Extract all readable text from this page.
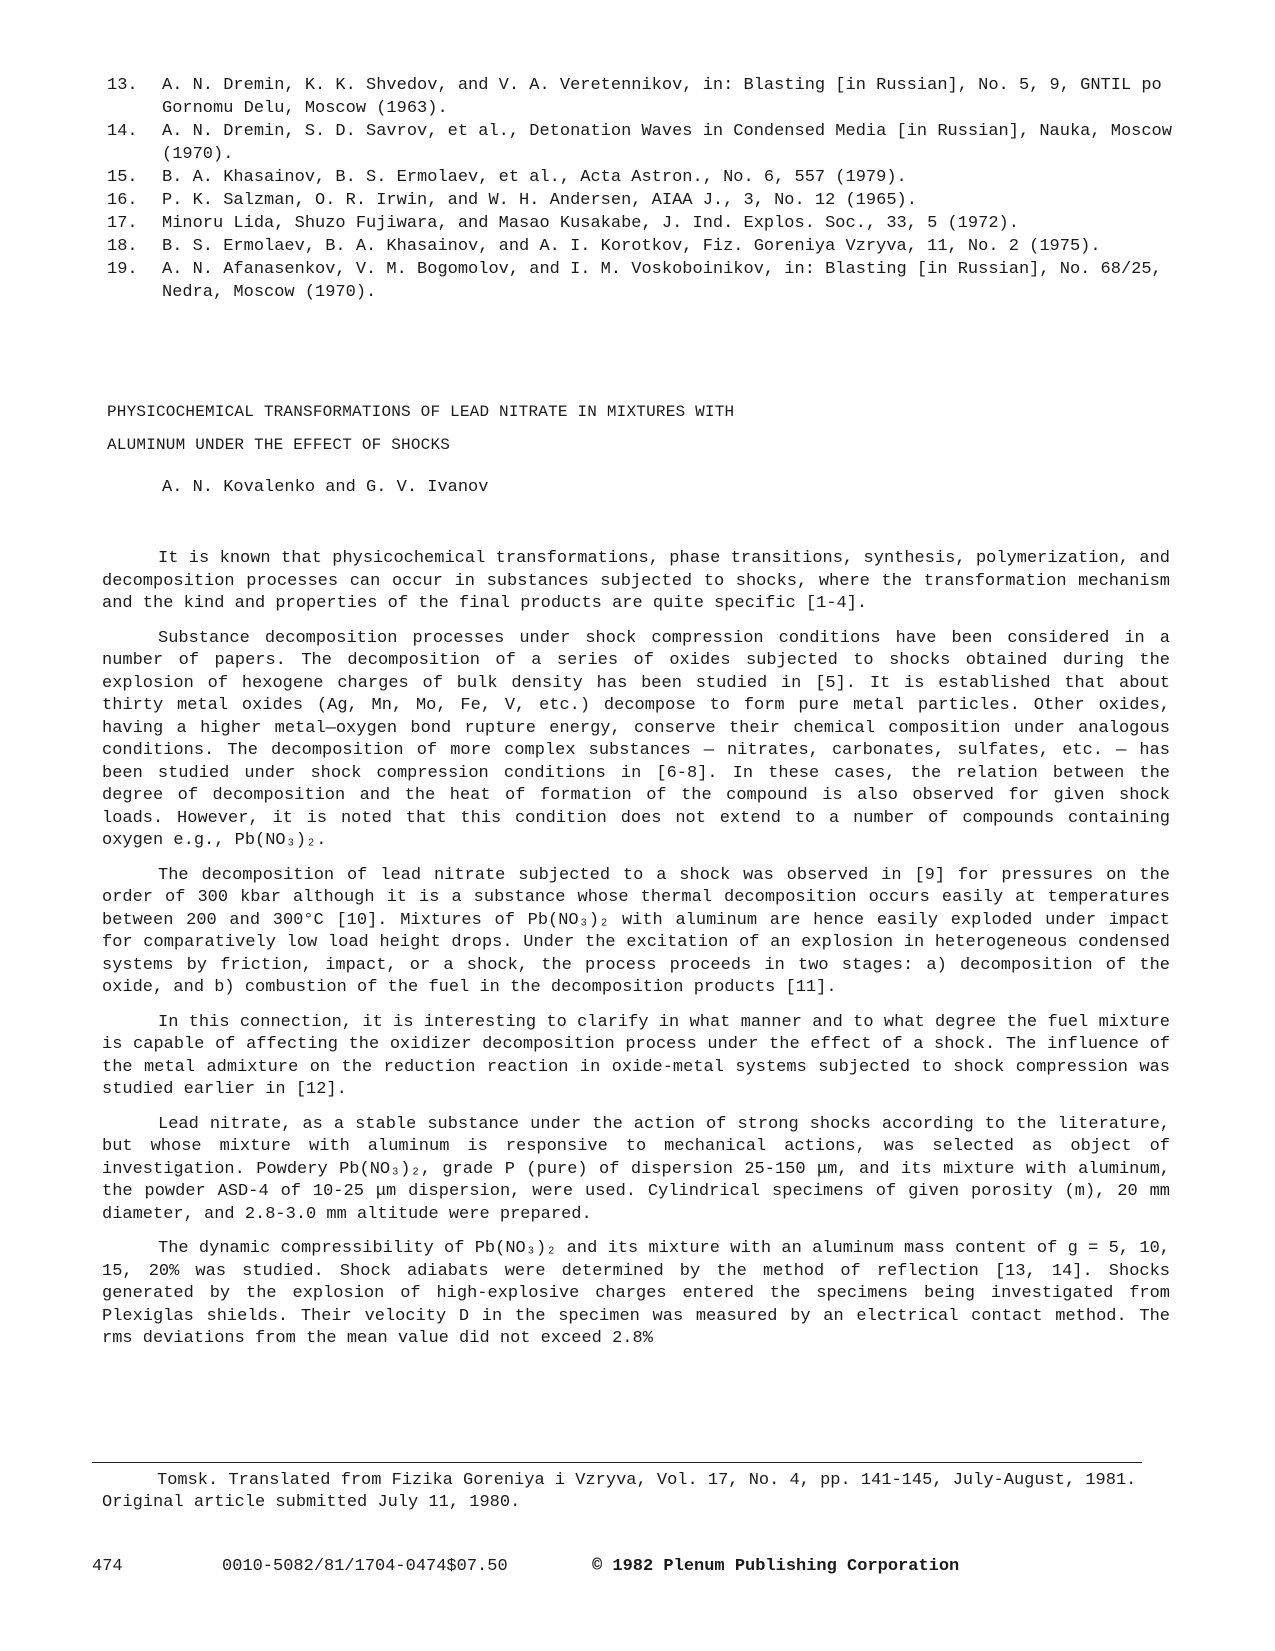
13.	A. N. Dremin, K. K. Shvedov, and V. A. Veretennikov, in: Blasting [in Russian], No. 5, 9, GNTIL po Gornomu Delu, Moscow (1963).
14.	A. N. Dremin, S. D. Savrov, et al., Detonation Waves in Condensed Media [in Russian], Nauka, Moscow (1970).
15.	B. A. Khasainov, B. S. Ermolaev, et al., Acta Astron., No. 6, 557 (1979).
16.	P. K. Salzman, O. R. Irwin, and W. H. Andersen, AIAA J., 3, No. 12 (1965).
17.	Minoru Lida, Shuzo Fujiwara, and Masao Kusakabe, J. Ind. Explos. Soc., 33, 5 (1972).
18.	B. S. Ermolaev, B. A. Khasainov, and A. I. Korotkov, Fiz. Goreniya Vzryva, 11, No. 2 (1975).
19.	A. N. Afanasenkov, V. M. Bogomolov, and I. M. Voskoboinikov, in: Blasting [in Russian], No. 68/25, Nedra, Moscow (1970).
PHYSICOCHEMICAL TRANSFORMATIONS OF LEAD NITRATE IN MIXTURES WITH
ALUMINUM UNDER THE EFFECT OF SHOCKS
A. N. Kovalenko and G. V. Ivanov

It is known that physicochemical transformations, phase transitions, synthesis, polymerization, and decomposition processes can occur in substances subjected to shocks, where the transformation mechanism and the kind and properties of the final products are quite specific [1-4].

Substance decomposition processes under shock compression conditions have been considered in a number of papers. The decomposition of a series of oxides subjected to shocks obtained during the explosion of hexogene charges of bulk density has been studied in [5]. It is established that about thirty metal oxides (Ag, Mn, Mo, Fe, V, etc.) decompose to form pure metal particles. Other oxides, having a higher metal—oxygen bond rupture energy, conserve their chemical composition under analogous conditions. The decomposition of more complex substances — nitrates, carbonates, sulfates, etc. — has been studied under shock compression conditions in [6-8]. In these cases, the relation between the degree of decomposition and the heat of formation of the compound is also observed for given shock loads. However, it is noted that this condition does not extend to a number of compounds containing oxygen e.g., Pb(NO₃)₂.

The decomposition of lead nitrate subjected to a shock was observed in [9] for pressures on the order of 300 kbar although it is a substance whose thermal decomposition occurs easily at temperatures between 200 and 300°C [10]. Mixtures of Pb(NO₃)₂ with aluminum are hence easily exploded under impact for comparatively low load height drops. Under the excitation of an explosion in heterogeneous condensed systems by friction, impact, or a shock, the process proceeds in two stages: a) decomposition of the oxide, and b) combustion of the fuel in the decomposition products [11].

In this connection, it is interesting to clarify in what manner and to what degree the fuel mixture is capable of affecting the oxidizer decomposition process under the effect of a shock. The influence of the metal admixture on the reduction reaction in oxide-metal systems subjected to shock compression was studied earlier in [12].

Lead nitrate, as a stable substance under the action of strong shocks according to the literature, but whose mixture with aluminum is responsive to mechanical actions, was selected as object of investigation. Powdery Pb(NO₃)₂, grade P (pure) of dispersion 25-150 μm, and its mixture with aluminum, the powder ASD-4 of 10-25 μm dispersion, were used. Cylindrical specimens of given porosity (m), 20 mm diameter, and 2.8-3.0 mm altitude were prepared.

The dynamic compressibility of Pb(NO₃)₂ and its mixture with an aluminum mass content of g = 5, 10, 15, 20% was studied. Shock adiabats were determined by the method of reflection [13, 14]. Shocks generated by the explosion of high-explosive charges entered the specimens being investigated from Plexiglas shields. Their velocity D in the specimen was measured by an electrical contact method. The rms deviations from the mean value did not exceed 2.8%

Tomsk. Translated from Fizika Goreniya i Vzryva, Vol. 17, No. 4, pp. 141-145, July-August, 1981. Original article submitted July 11, 1980.
474	0010-5082/81/1704-0474$07.50	© 1982 Plenum Publishing Corporation
